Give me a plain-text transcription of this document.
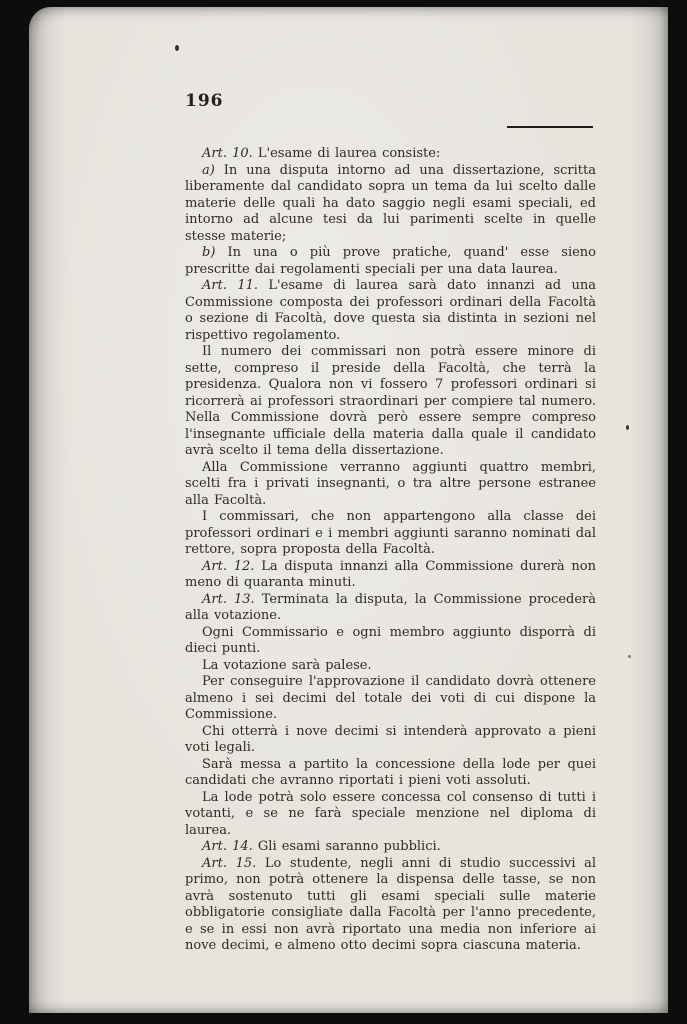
196

Art. 10. L'esame di laurea consiste:

a) In una disputa intorno ad una dissertazione, scritta liberamente dal candidato sopra un tema da lui scelto dalle materie delle quali ha dato saggio negli esami speciali, ed intorno ad alcune tesi da lui parimenti scelte in quelle stesse materie;

b) In una o più prove pratiche, quand' esse sieno prescritte dai regolamenti speciali per una data laurea.

Art. 11. L'esame di laurea sarà dato innanzi ad una Commissione composta dei professori ordinari della Facoltà o sezione di Facoltà, dove questa sia distinta in sezioni nel rispettivo regolamento.

Il numero dei commissari non potrà essere minore di sette, compreso il preside della Facoltà, che terrà la presidenza. Qualora non vi fossero 7 professori ordinari si ricorrerà ai professori straordinari per compiere tal numero. Nella Commissione dovrà però essere sempre compreso l'insegnante ufficiale della materia dalla quale il candidato avrà scelto il tema della dissertazione.

Alla Commissione verranno aggiunti quattro membri, scelti fra i privati insegnanti, o tra altre persone estranee alla Facoltà.

I commissari, che non appartengono alla classe dei professori ordinari e i membri aggiunti saranno nominati dal rettore, sopra proposta della Facoltà.

Art. 12. La disputa innanzi alla Commissione durerà non meno di quaranta minuti.

Art. 13. Terminata la disputa, la Commissione procederà alla votazione.

Ogni Commissario e ogni membro aggiunto disporrà di dieci punti.

La votazione sarà palese.

Per conseguire l'approvazione il candidato dovrà ottenere almeno i sei decimi del totale dei voti di cui dispone la Commissione.

Chi otterrà i nove decimi si intenderà approvato a pieni voti legali.

Sarà messa a partito la concessione della lode per quei candidati che avranno riportati i pieni voti assoluti.

La lode potrà solo essere concessa col consenso di tutti i votanti, e se ne farà speciale menzione nel diploma di laurea.

Art. 14. Gli esami saranno pubblici.

Art. 15. Lo studente, negli anni di studio successivi al primo, non potrà ottenere la dispensa delle tasse, se non avrà sostenuto tutti gli esami speciali sulle materie obbligatorie consigliate dalla Facoltà per l'anno precedente, e se in essi non avrà riportato una media non inferiore ai nove decimi, e almeno otto decimi sopra ciascuna materia.
